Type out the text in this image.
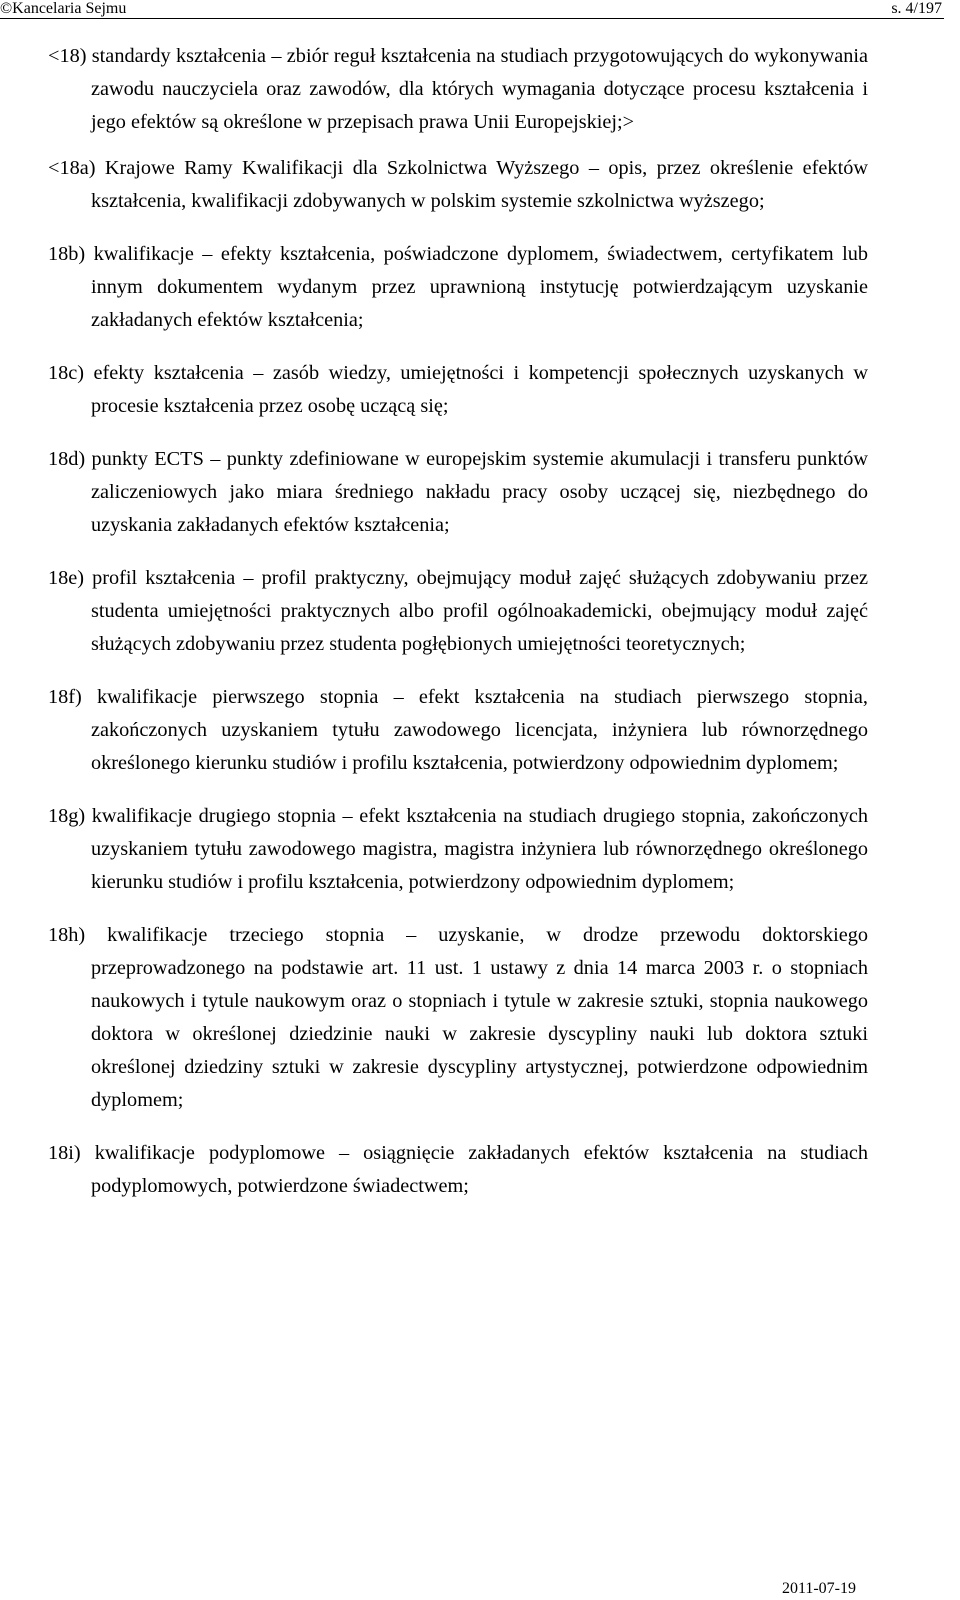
©Kancelaria Sejmu	s. 4/197

<18) standardy kształcenia – zbiór reguł kształcenia na studiach przygotowujących do wykonywania zawodu nauczyciela oraz zawodów, dla których wymagania dotyczące procesu kształcenia i jego efektów są określone w przepisach prawa Unii Europejskiej;>

<18a) Krajowe Ramy Kwalifikacji dla Szkolnictwa Wyższego – opis, przez określenie efektów kształcenia, kwalifikacji zdobywanych w polskim systemie szkolnictwa wyższego;

18b) kwalifikacje – efekty kształcenia, poświadczone dyplomem, świadectwem, certyfikatem lub innym dokumentem wydanym przez uprawnioną instytucję potwierdzającym uzyskanie zakładanych efektów kształcenia;

18c) efekty kształcenia – zasób wiedzy, umiejętności i kompetencji społecznych uzyskanych w procesie kształcenia przez osobę uczącą się;

18d) punkty ECTS – punkty zdefiniowane w europejskim systemie akumulacji i transferu punktów zaliczeniowych jako miara średniego nakładu pracy osoby uczącej się, niezbędnego do uzyskania zakładanych efektów kształcenia;

18e) profil kształcenia – profil praktyczny, obejmujący moduł zajęć służących zdobywaniu przez studenta umiejętności praktycznych albo profil ogólnoakademicki, obejmujący moduł zajęć służących zdobywaniu przez studenta pogłębionych umiejętności teoretycznych;

18f) kwalifikacje pierwszego stopnia – efekt kształcenia na studiach pierwszego stopnia, zakończonych uzyskaniem tytułu zawodowego licencjata, inżyniera lub równorzędnego określonego kierunku studiów i profilu kształcenia, potwierdzony odpowiednim dyplomem;

18g) kwalifikacje drugiego stopnia – efekt kształcenia na studiach drugiego stopnia, zakończonych uzyskaniem tytułu zawodowego magistra, magistra inżyniera lub równorzędnego określonego kierunku studiów i profilu kształcenia, potwierdzony odpowiednim dyplomem;

18h) kwalifikacje trzeciego stopnia – uzyskanie, w drodze przewodu doktorskiego przeprowadzonego na podstawie art. 11 ust. 1 ustawy z dnia 14 marca 2003 r. o stopniach naukowych i tytule naukowym oraz o stopniach i tytule w zakresie sztuki, stopnia naukowego doktora w określonej dziedzinie nauki w zakresie dyscypliny nauki lub doktora sztuki określonej dziedziny sztuki w zakresie dyscypliny artystycznej, potwierdzone odpowiednim dyplomem;

18i) kwalifikacje podyplomowe – osiągnięcie zakładanych efektów kształcenia na studiach podyplomowych, potwierdzone świadectwem;

2011-07-19
